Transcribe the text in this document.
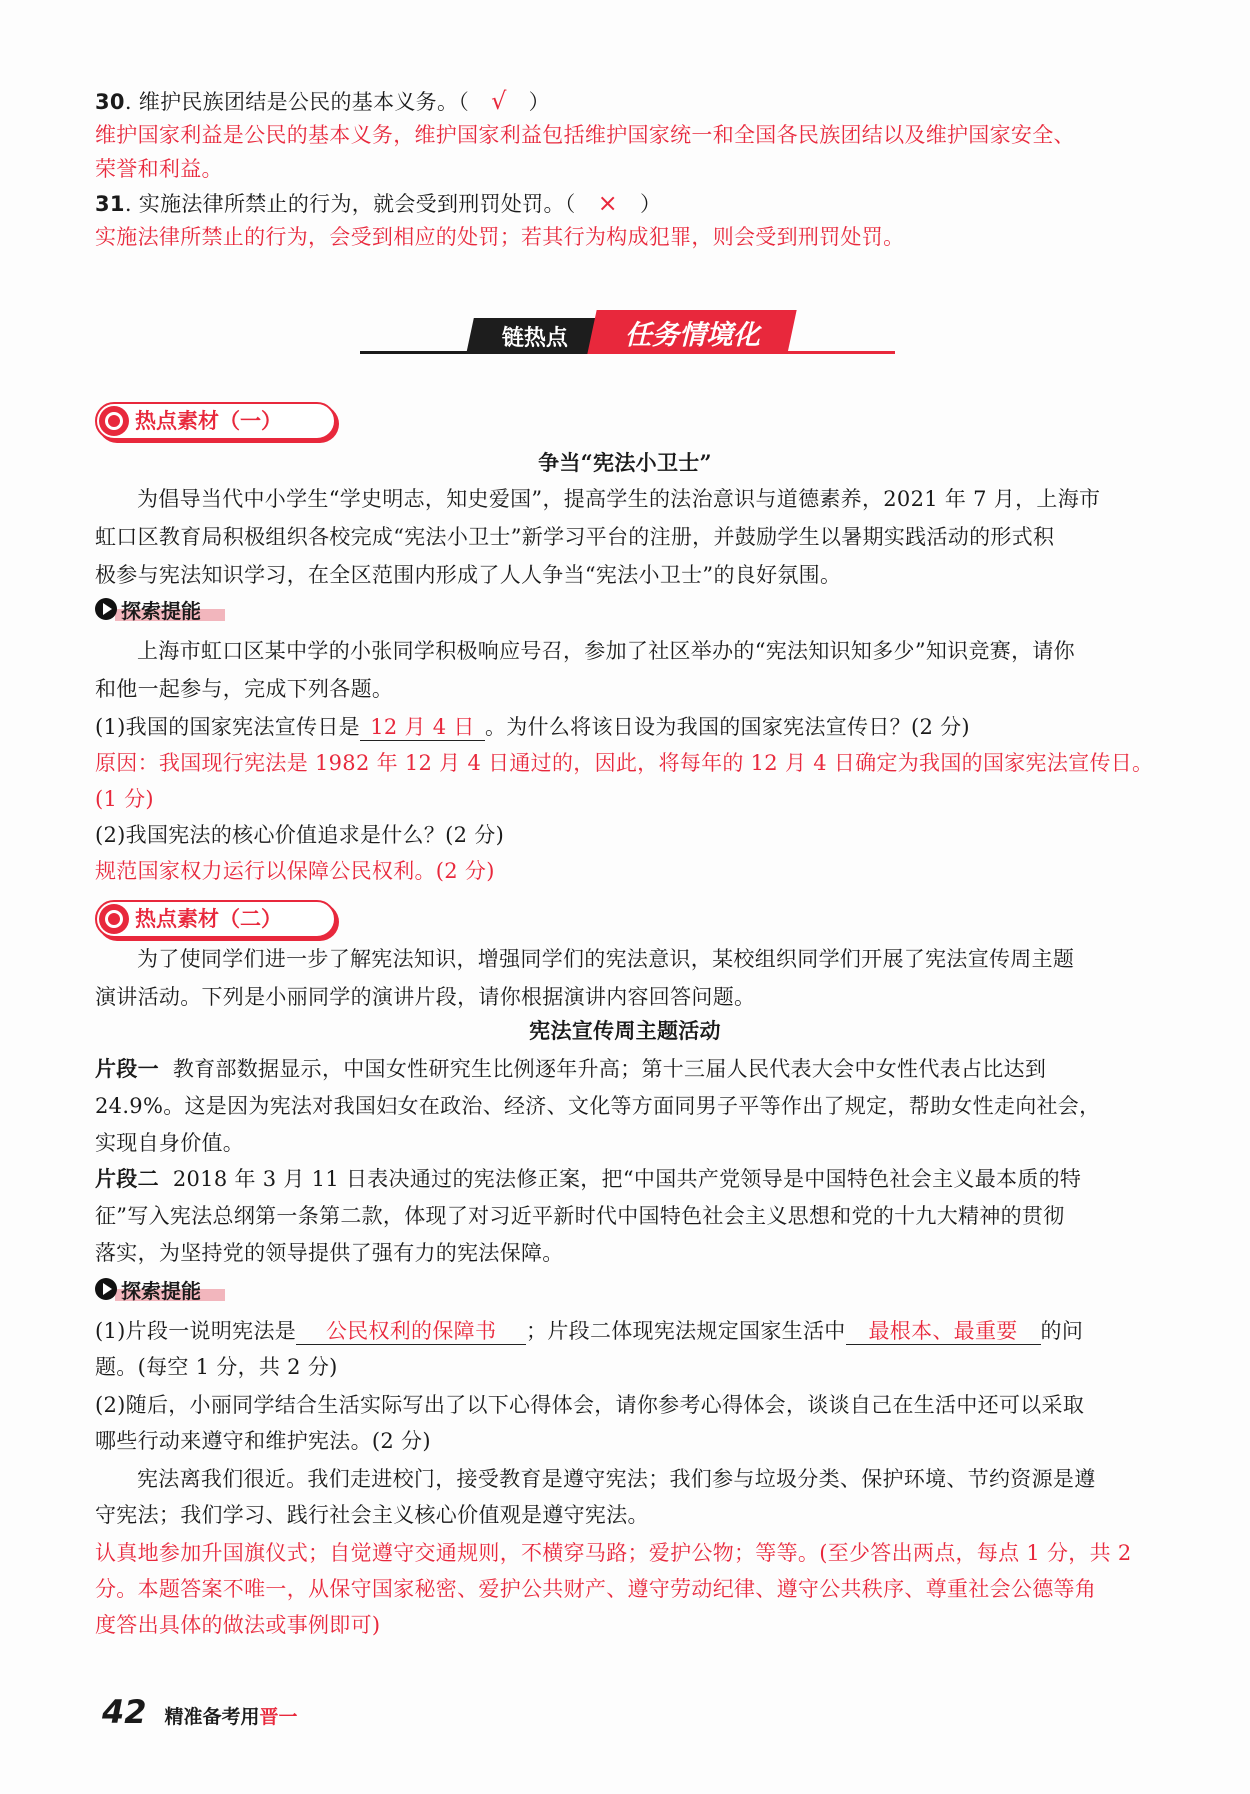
30. 维护民族团结是公民的基本义务。（ √ ）
维护国家利益是公民的基本义务，维护国家利益包括维护国家统一和全国各民族团结以及维护国家安全、
荣誉和利益。
31. 实施法律所禁止的行为，就会受到刑罚处罚。（ × ）
实施法律所禁止的行为，会受到相应的处罚；若其行为构成犯罪，则会受到刑罚处罚。
链热点 任务情境化
热点素材（一）
争当“宪法小卫士”
为倡导当代中小学生“学史明志，知史爱国”，提高学生的法治意识与道德素养，2021 年 7 月，上海市
虹口区教育局积极组织各校完成“宪法小卫士”新学习平台的注册，并鼓励学生以暑期实践活动的形式积
极参与宪法知识学习，在全区范围内形成了人人争当“宪法小卫士”的良好氛围。
探索提能
上海市虹口区某中学的小张同学积极响应号召，参加了社区举办的“宪法知识知多少”知识竞赛，请你
和他一起参与，完成下列各题。
(1)我国的国家宪法宣传日是 12 月 4 日 。为什么将该日设为我国的国家宪法宣传日？(2 分)
原因：我国现行宪法是 1982 年 12 月 4 日通过的，因此，将每年的 12 月 4 日确定为我国的国家宪法宣传日。
(1 分)
(2)我国宪法的核心价值追求是什么？(2 分)
规范国家权力运行以保障公民权利。(2 分)
热点素材（二）
为了使同学们进一步了解宪法知识，增强同学们的宪法意识，某校组织同学们开展了宪法宣传周主题
演讲活动。下列是小丽同学的演讲片段，请你根据演讲内容回答问题。
宪法宣传周主题活动
片段一 教育部数据显示，中国女性研究生比例逐年升高；第十三届人民代表大会中女性代表占比达到
24.9%。这是因为宪法对我国妇女在政治、经济、文化等方面同男子平等作出了规定，帮助女性走向社会，
实现自身价值。
片段二 2018 年 3 月 11 日表决通过的宪法修正案，把“中国共产党领导是中国特色社会主义最本质的特
征”写入宪法总纲第一条第二款，体现了对习近平新时代中国特色社会主义思想和党的十九大精神的贯彻
落实，为坚持党的领导提供了强有力的宪法保障。
探索提能
(1)片段一说明宪法是 公民权利的保障书 ；片段二体现宪法规定国家生活中 最根本、最重要 的问
题。(每空 1 分，共 2 分)
(2)随后，小丽同学结合生活实际写出了以下心得体会，请你参考心得体会，谈谈自己在生活中还可以采取
哪些行动来遵守和维护宪法。(2 分)
宪法离我们很近。我们走进校门，接受教育是遵守宪法；我们参与垃圾分类、保护环境、节约资源是遵
守宪法；我们学习、践行社会主义核心价值观是遵守宪法。
认真地参加升国旗仪式；自觉遵守交通规则，不横穿马路；爱护公物；等等。(至少答出两点，每点 1 分，共 2
分。本题答案不唯一，从保守国家秘密、爱护公共财产、遵守劳动纪律、遵守公共秩序、尊重社会公德等角
度答出具体的做法或事例即可)
42 精准备考用 晋一
